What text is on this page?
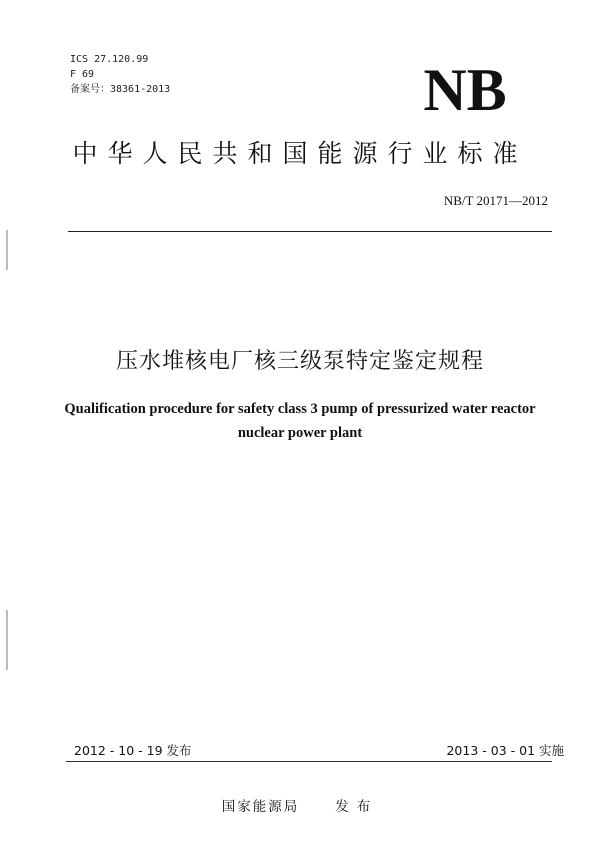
ICS 27.120.99
F 69
备案号：38361-2013	NB
中华人民共和国能源行业标准
NB/T 20171—2012
压水堆核电厂核三级泵特定鉴定规程
Qualification procedure for safety class 3 pump of pressurized water reactor
nuclear power plant
2012 - 10 - 19 发布	2013 - 03 - 01 实施
国家能源局	发布
